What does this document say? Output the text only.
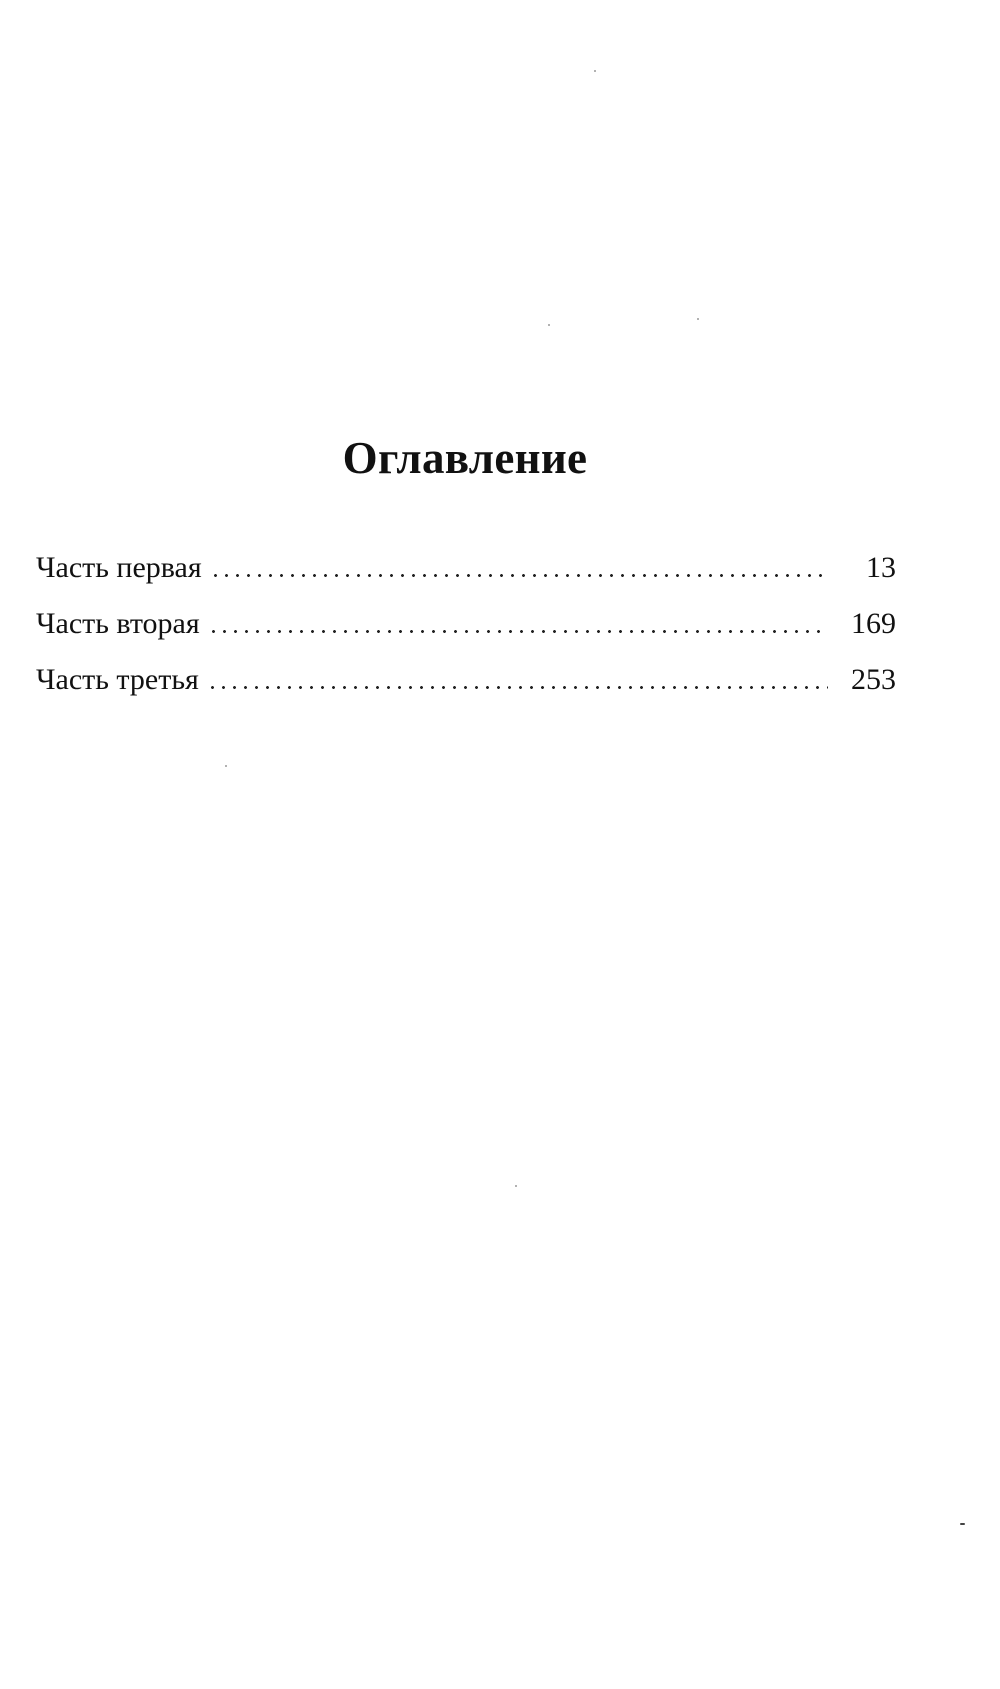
Оглавление
Часть первая	13
Часть вторая	169
Часть третья	253
